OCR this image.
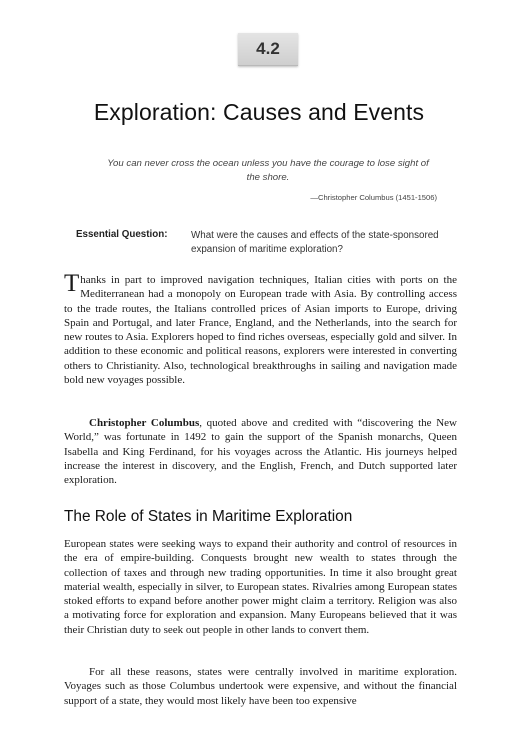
4.2
Exploration: Causes and Events
You can never cross the ocean unless you have the courage to lose sight of the shore.
—Christopher Columbus (1451-1506)
Essential Question:	What were the causes and effects of the state-sponsored expansion of maritime exploration?

Thanks in part to improved navigation techniques, Italian cities with ports on the Mediterranean had a monopoly on European trade with Asia. By controlling access to the trade routes, the Italians controlled prices of Asian imports to Europe, driving Spain and Portugal, and later France, England, and the Netherlands, into the search for new routes to Asia. Explorers hoped to find riches overseas, especially gold and silver. In addition to these economic and political reasons, explorers were interested in converting others to Christianity. Also, technological breakthroughs in sailing and navigation made bold new voyages possible.

Christopher Columbus, quoted above and credited with “discovering the New World,” was fortunate in 1492 to gain the support of the Spanish monarchs, Queen Isabella and King Ferdinand, for his voyages across the Atlantic. His journeys helped increase the interest in discovery, and the English, French, and Dutch supported later exploration.

The Role of States in Maritime Exploration

European states were seeking ways to expand their authority and control of resources in the era of empire-building. Conquests brought new wealth to states through the collection of taxes and through new trading opportunities. In time it also brought great material wealth, especially in silver, to European states. Rivalries among European states stoked efforts to expand before another power might claim a territory. Religion was also a motivating force for exploration and expansion. Many Europeans believed that it was their Christian duty to seek out people in other lands to convert them.

For all these reasons, states were centrally involved in maritime exploration. Voyages such as those Columbus undertook were expensive, and without the financial support of a state, they would most likely have been too expensive
